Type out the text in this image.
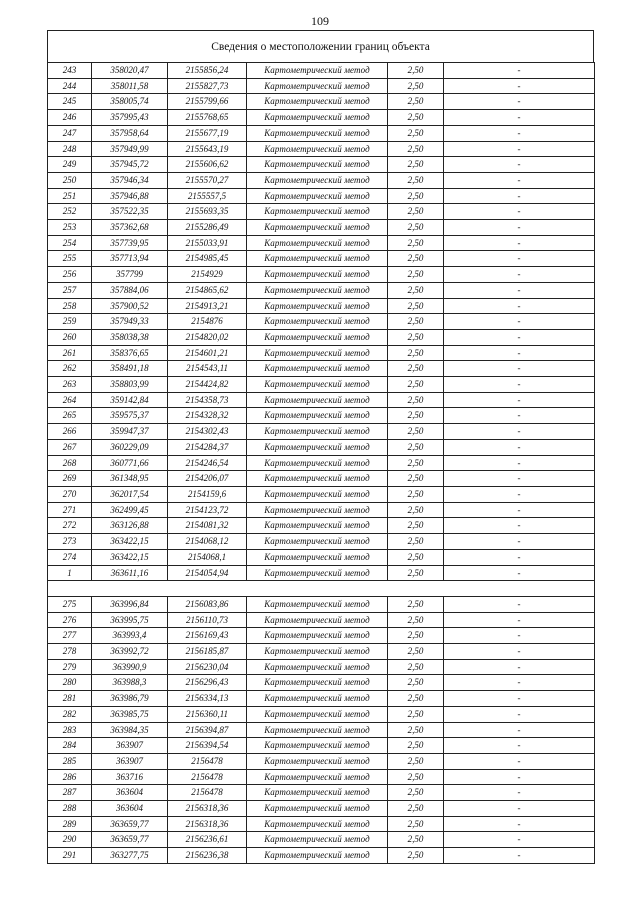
109
Сведения о местоположении границ объекта
243	358020,47	2155856,24	Картометрический метод	2,50	-
244	358011,58	2155827,73	Картометрический метод	2,50	-
245	358005,74	2155799,66	Картометрический метод	2,50	-
246	357995,43	2155768,65	Картометрический метод	2,50	-
247	357958,64	2155677,19	Картометрический метод	2,50	-
248	357949,99	2155643,19	Картометрический метод	2,50	-
249	357945,72	2155606,62	Картометрический метод	2,50	-
250	357946,34	2155570,27	Картометрический метод	2,50	-
251	357946,88	2155557,5	Картометрический метод	2,50	-
252	357522,35	2155693,35	Картометрический метод	2,50	-
253	357362,68	2155286,49	Картометрический метод	2,50	-
254	357739,95	2155033,91	Картометрический метод	2,50	-
255	357713,94	2154985,45	Картометрический метод	2,50	-
256	357799	2154929	Картометрический метод	2,50	-
257	357884,06	2154865,62	Картометрический метод	2,50	-
258	357900,52	2154913,21	Картометрический метод	2,50	-
259	357949,33	2154876	Картометрический метод	2,50	-
260	358038,38	2154820,02	Картометрический метод	2,50	-
261	358376,65	2154601,21	Картометрический метод	2,50	-
262	358491,18	2154543,11	Картометрический метод	2,50	-
263	358803,99	2154424,82	Картометрический метод	2,50	-
264	359142,84	2154358,73	Картометрический метод	2,50	-
265	359575,37	2154328,32	Картометрический метод	2,50	-
266	359947,37	2154302,43	Картометрический метод	2,50	-
267	360229,09	2154284,37	Картометрический метод	2,50	-
268	360771,66	2154246,54	Картометрический метод	2,50	-
269	361348,95	2154206,07	Картометрический метод	2,50	-
270	362017,54	2154159,6	Картометрический метод	2,50	-
271	362499,45	2154123,72	Картометрический метод	2,50	-
272	363126,88	2154081,32	Картометрический метод	2,50	-
273	363422,15	2154068,12	Картометрический метод	2,50	-
274	363422,15	2154068,1	Картометрический метод	2,50	-
1	363611,16	2154054,94	Картометрический метод	2,50	-

275	363996,84	2156083,86	Картометрический метод	2,50	-
276	363995,75	2156110,73	Картометрический метод	2,50	-
277	363993,4	2156169,43	Картометрический метод	2,50	-
278	363992,72	2156185,87	Картометрический метод	2,50	-
279	363990,9	2156230,04	Картометрический метод	2,50	-
280	363988,3	2156296,43	Картометрический метод	2,50	-
281	363986,79	2156334,13	Картометрический метод	2,50	-
282	363985,75	2156360,11	Картометрический метод	2,50	-
283	363984,35	2156394,87	Картометрический метод	2,50	-
284	363907	2156394,54	Картометрический метод	2,50	-
285	363907	2156478	Картометрический метод	2,50	-
286	363716	2156478	Картометрический метод	2,50	-
287	363604	2156478	Картометрический метод	2,50	-
288	363604	2156318,36	Картометрический метод	2,50	-
289	363659,77	2156318,36	Картометрический метод	2,50	-
290	363659,77	2156236,61	Картометрический метод	2,50	-
291	363277,75	2156236,38	Картометрический метод	2,50	-
